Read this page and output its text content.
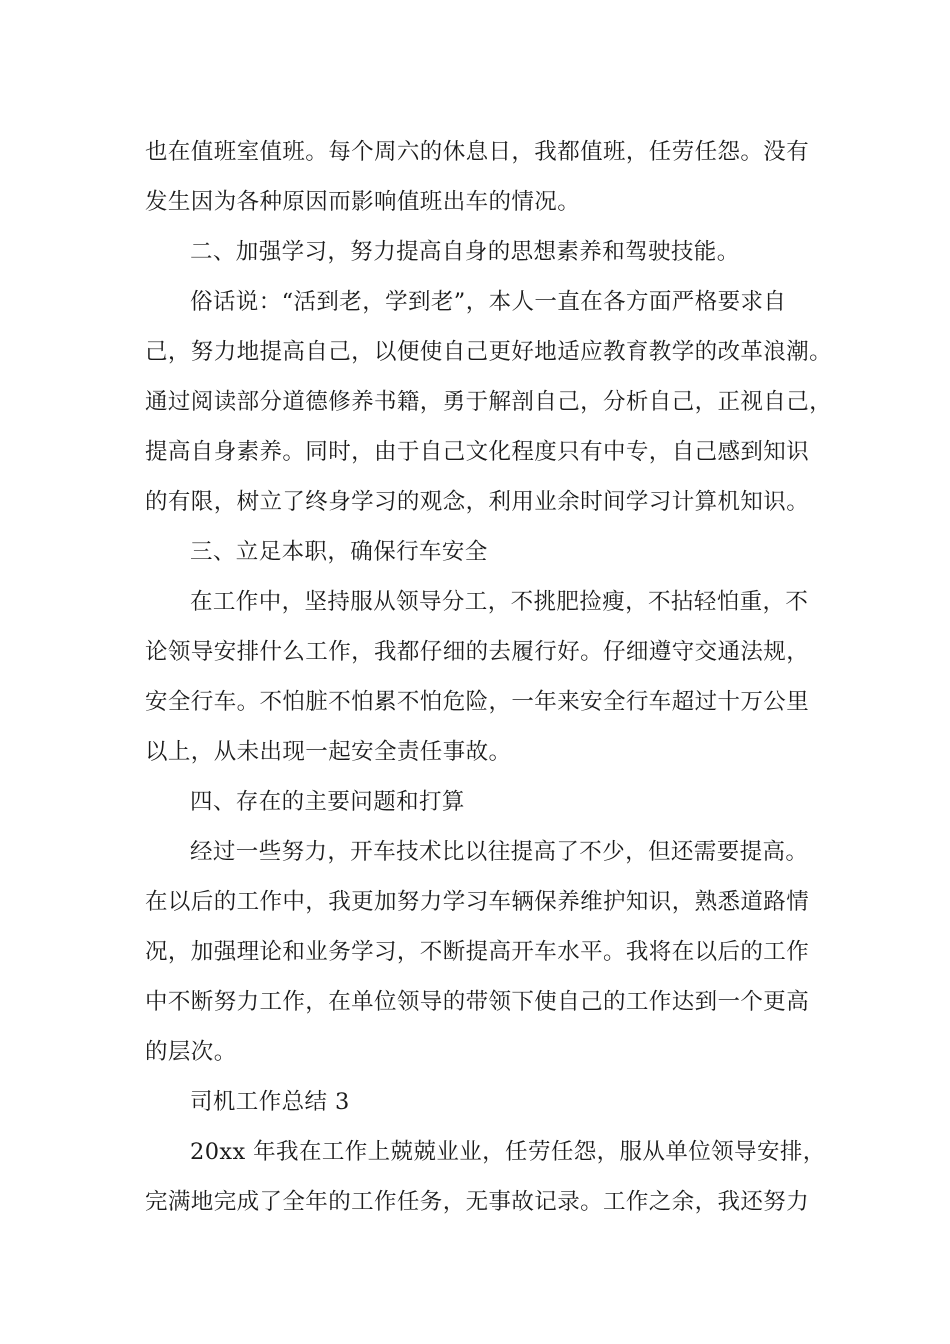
也在值班室值班。每个周六的休息日，我都值班，任劳任怨。没有
发生因为各种原因而影响值班出车的情况。
二、加强学习，努力提高自身的思想素养和驾驶技能。
俗话说：“活到老，学到老”，本人一直在各方面严格要求自
己，努力地提高自己，以便使自己更好地适应教育教学的改革浪潮。
通过阅读部分道德修养书籍，勇于解剖自己，分析自己，正视自己，
提高自身素养。同时，由于自己文化程度只有中专，自己感到知识
的有限，树立了终身学习的观念，利用业余时间学习计算机知识。
三、立足本职，确保行车安全
在工作中，坚持服从领导分工，不挑肥捡瘦，不拈轻怕重，不
论领导安排什么工作，我都仔细的去履行好。仔细遵守交通法规，
安全行车。不怕脏不怕累不怕危险，一年来安全行车超过十万公里
以上，从未出现一起安全责任事故。
四、存在的主要问题和打算
经过一些努力，开车技术比以往提高了不少，但还需要提高。
在以后的工作中，我更加努力学习车辆保养维护知识，熟悉道路情
况，加强理论和业务学习，不断提高开车水平。我将在以后的工作
中不断努力工作，在单位领导的带领下使自己的工作达到一个更高
的层次。
司机工作总结 3
20xx 年我在工作上兢兢业业，任劳任怨，服从单位领导安排，
完满地完成了全年的工作任务，无事故记录。工作之余，我还努力
